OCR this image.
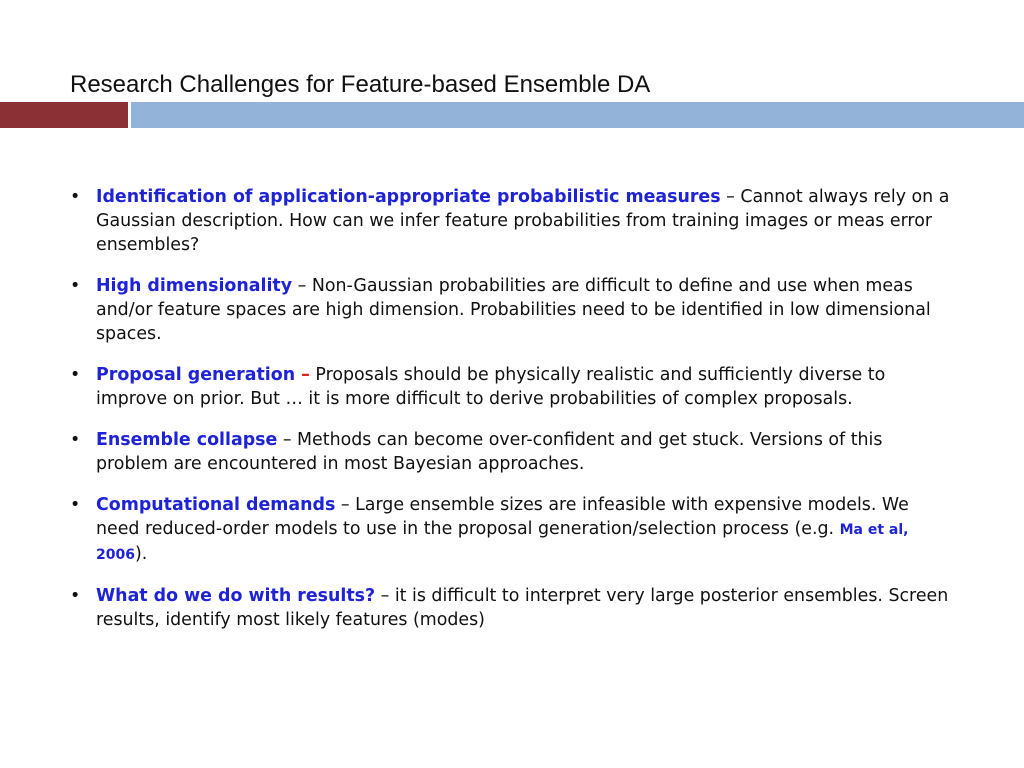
Research Challenges for Feature-based Ensemble DA
• Identification of application-appropriate probabilistic measures – Cannot always rely on a Gaussian description. How can we infer feature probabilities from training images or meas error ensembles?
• High dimensionality – Non-Gaussian probabilities are difficult to define and use when meas and/or feature spaces are high dimension. Probabilities need to be identified in low dimensional spaces.
• Proposal generation – Proposals should be physically realistic and sufficiently diverse to improve on prior. But … it is more difficult to derive probabilities of complex proposals.
• Ensemble collapse – Methods can become over-confident and get stuck. Versions of this problem are encountered in most Bayesian approaches.
• Computational demands – Large ensemble sizes are infeasible with expensive models. We need reduced-order models to use in the proposal generation/selection process (e.g. Ma et al, 2006).
• What do we do with results? – it is difficult to interpret very large posterior ensembles. Screen results, identify most likely features (modes)
